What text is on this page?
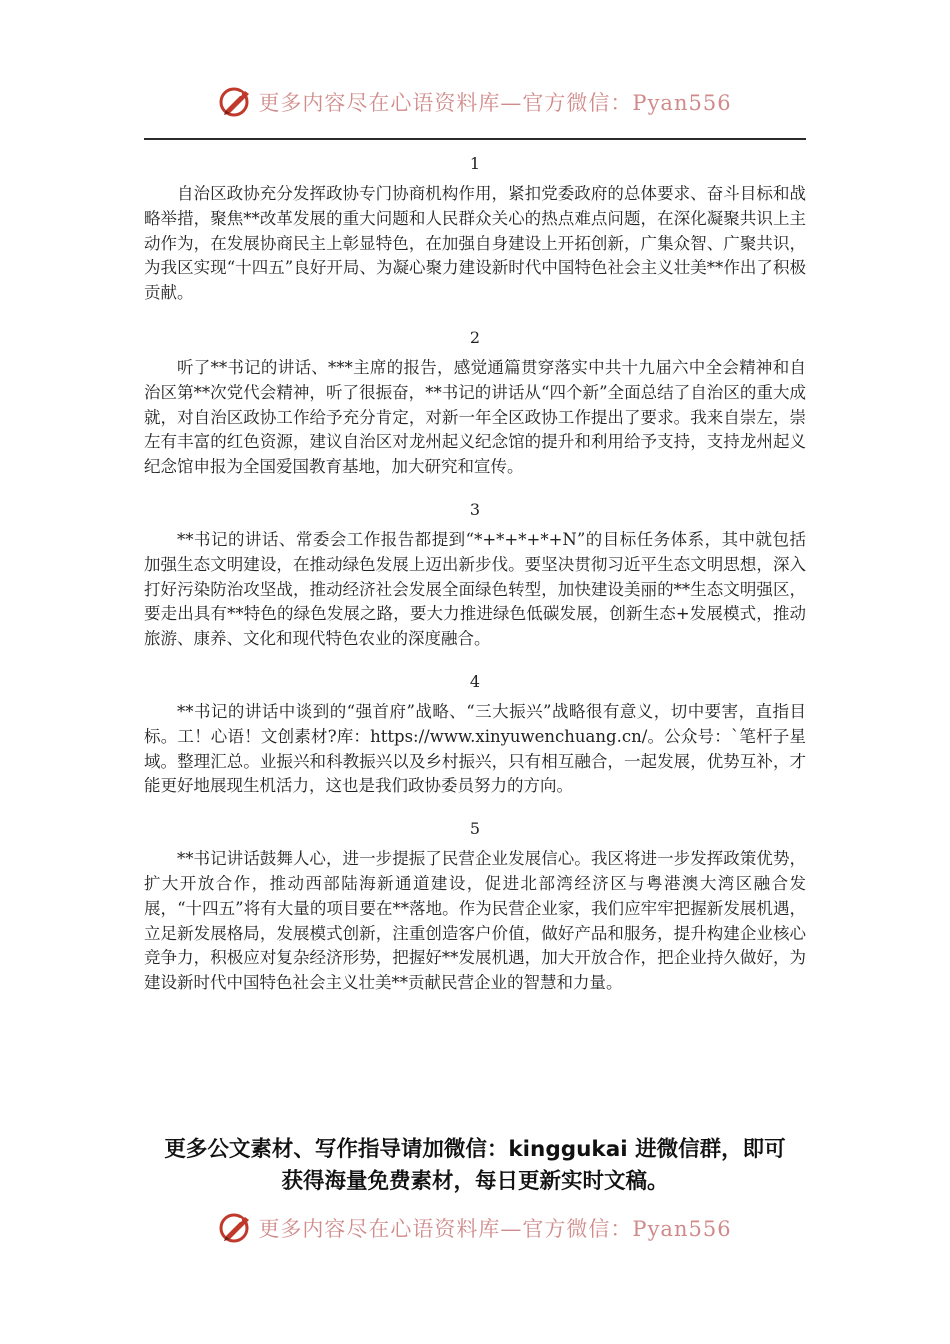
更多内容尽在心语资料库—官方微信：Pyan556
1

自治区政协充分发挥政协专门协商机构作用，紧扣党委政府的总体要求、奋斗目标和战略举措，聚焦**改革发展的重大问题和人民群众关心的热点难点问题，在深化凝聚共识上主动作为，在发展协商民主上彰显特色，在加强自身建设上开拓创新，广集众智、广聚共识，为我区实现“十四五”良好开局、为凝心聚力建设新时代中国特色社会主义壮美**作出了积极贡献。

2

听了**书记的讲话、***主席的报告，感觉通篇贯穿落实中共十九届六中全会精神和自治区第**次党代会精神，听了很振奋，**书记的讲话从“四个新”全面总结了自治区的重大成就，对自治区政协工作给予充分肯定，对新一年全区政协工作提出了要求。我来自崇左，崇左有丰富的红色资源，建议自治区对龙州起义纪念馆的提升和利用给予支持，支持龙州起义纪念馆申报为全国爱国教育基地，加大研究和宣传。

3

**书记的讲话、常委会工作报告都提到“*+*+*+*+N”的目标任务体系，其中就包括加强生态文明建设，在推动绿色发展上迈出新步伐。要坚决贯彻习近平生态文明思想，深入打好污染防治攻坚战，推动经济社会发展全面绿色转型，加快建设美丽的**生态文明强区，要走出具有**特色的绿色发展之路，要大力推进绿色低碳发展，创新生态+发展模式，推动旅游、康养、文化和现代特色农业的深度融合。

4

**书记的讲话中谈到的“强首府”战略、“三大振兴”战略很有意义，切中要害，直指目标。工！心语！文创素材?库：https://www.xinyuwenchuang.cn/。公众号：`笔杆子星域。整理汇总。业振兴和科教振兴以及乡村振兴，只有相互融合，一起发展，优势互补，才能更好地展现生机活力，这也是我们政协委员努力的方向。

5

**书记讲话鼓舞人心，进一步提振了民营企业发展信心。我区将进一步发挥政策优势，扩大开放合作，推动西部陆海新通道建设，促进北部湾经济区与粤港澳大湾区融合发展，“十四五”将有大量的项目要在**落地。作为民营企业家，我们应牢牢把握新发展机遇，立足新发展格局，发展模式创新，注重创造客户价值，做好产品和服务，提升构建企业核心竞争力，积极应对复杂经济形势，把握好**发展机遇，加大开放合作，把企业持久做好，为建设新时代中国特色社会主义壮美**贡献民营企业的智慧和力量。

更多公文素材、写作指导请加微信：kinggukai 进微信群，即可
获得海量免费素材，每日更新实时文稿。
更多内容尽在心语资料库—官方微信：Pyan556
